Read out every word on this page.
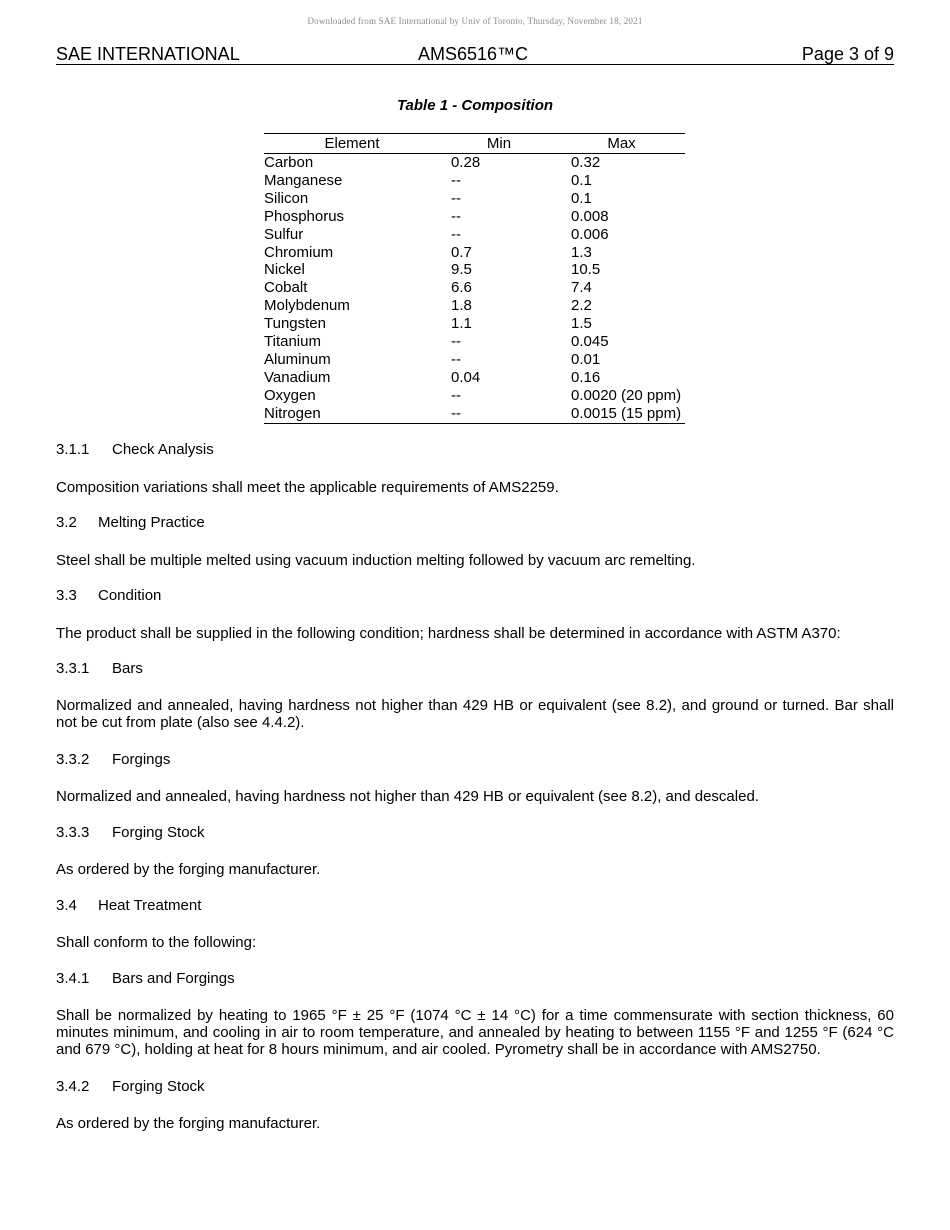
Downloaded from SAE International by Univ of Toronto, Thursday, November 18, 2021
SAE INTERNATIONAL	AMS6516™C	Page 3 of 9
Table 1 - Composition
Element	Min	Max
Carbon	0.28	0.32
Manganese	--	0.1
Silicon	--	0.1
Phosphorus	--	0.008
Sulfur	--	0.006
Chromium	0.7	1.3
Nickel	9.5	10.5
Cobalt	6.6	7.4
Molybdenum	1.8	2.2
Tungsten	1.1	1.5
Titanium	--	0.045
Aluminum	--	0.01
Vanadium	0.04	0.16
Oxygen	--	0.0020 (20 ppm)
Nitrogen	--	0.0015 (15 ppm)
3.1.1 Check Analysis
Composition variations shall meet the applicable requirements of AMS2259.
3.2 Melting Practice
Steel shall be multiple melted using vacuum induction melting followed by vacuum arc remelting.
3.3 Condition
The product shall be supplied in the following condition; hardness shall be determined in accordance with ASTM A370:
3.3.1 Bars
Normalized and annealed, having hardness not higher than 429 HB or equivalent (see 8.2), and ground or turned. Bar shall not be cut from plate (also see 4.4.2).
3.3.2 Forgings
Normalized and annealed, having hardness not higher than 429 HB or equivalent (see 8.2), and descaled.
3.3.3 Forging Stock
As ordered by the forging manufacturer.
3.4 Heat Treatment
Shall conform to the following:
3.4.1 Bars and Forgings
Shall be normalized by heating to 1965 °F ± 25 °F (1074 °C ± 14 °C) for a time commensurate with section thickness, 60 minutes minimum, and cooling in air to room temperature, and annealed by heating to between 1155 °F and 1255 °F (624 °C and 679 °C), holding at heat for 8 hours minimum, and air cooled. Pyrometry shall be in accordance with AMS2750.
3.4.2 Forging Stock
As ordered by the forging manufacturer.
